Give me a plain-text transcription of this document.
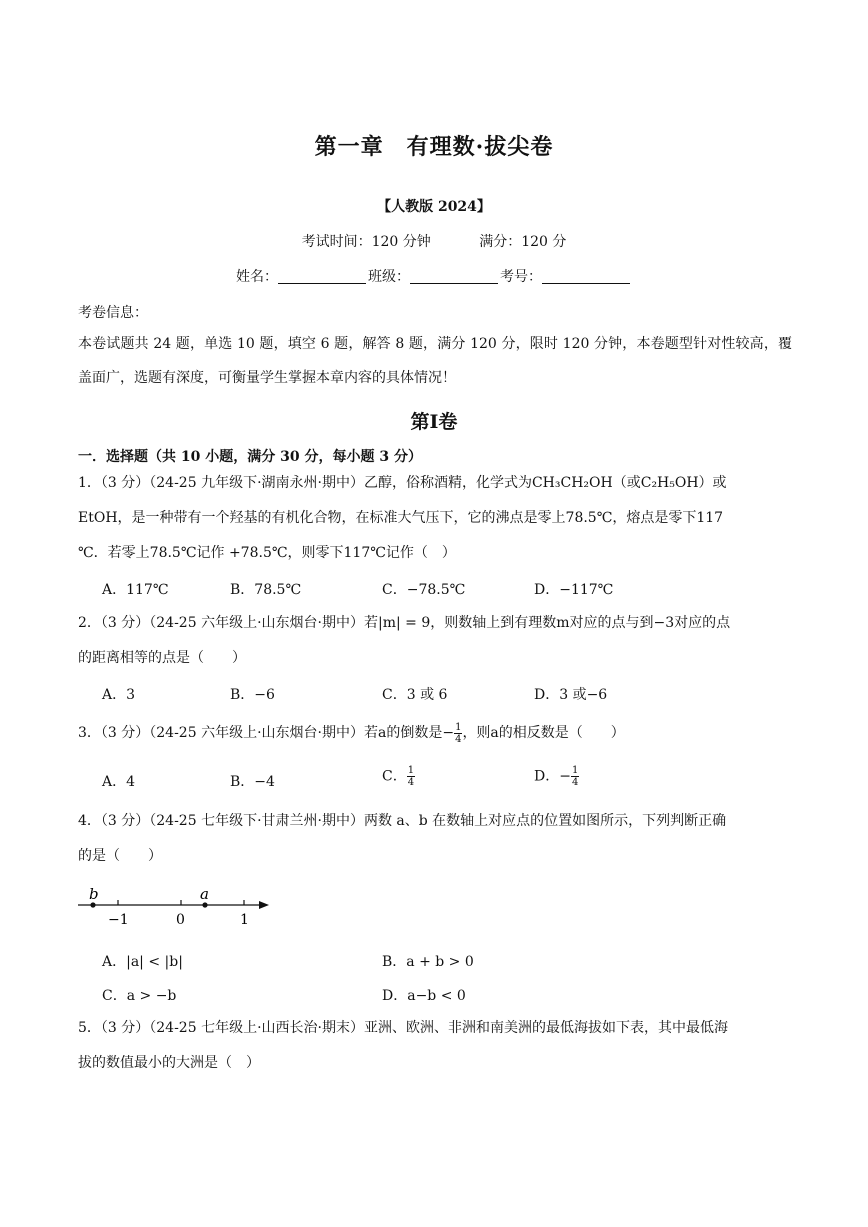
第一章　有理数·拔尖卷
【人教版 2024】
考试时间：120 分钟	满分：120 分
姓名：	班级：	考号：
考卷信息：
本卷试题共 24 题，单选 10 题，填空 6 题，解答 8 题，满分 120 分，限时 120 分钟，本卷题型针对性较高，覆盖面广，选题有深度，可衡量学生掌握本章内容的具体情况！
第Ⅰ卷
一．选择题（共 10 小题，满分 30 分，每小题 3 分）
1．（3 分）（24-25 九年级下·湖南永州·期中）乙醇，俗称酒精，化学式为CH₃CH₂OH（或C₂H₅OH）或
EtOH，是一种带有一个羟基的有机化合物，在标准大气压下，它的沸点是零上78.5℃，熔点是零下117
℃．若零上78.5℃记作 +78.5℃，则零下117℃记作（　）
A．117℃	B．78.5℃	C．−78.5℃	D．−117℃
2．（3 分）（24-25 六年级上·山东烟台·期中）若|m| = 9，则数轴上到有理数m对应的点与到−3对应的点
的距离相等的点是（　　）
A．3	B．−6	C．3 或 6	D．3 或−6
3．（3 分）（24-25 六年级上·山东烟台·期中）若a的倒数是− $\frac{1}{4}$ ，则a的相反数是（　　）
A．4	B．−4	C． $\frac{1}{4}$	D．− $\frac{1}{4}$
4．（3 分）（24-25 七年级下·甘肃兰州·期中）两数 a、b 在数轴上对应点的位置如图所示，下列判断正确
的是（　　）
b	a
−1	0	1
A．|a| < |b|	B．a + b > 0
C．a > −b	D．a−b < 0
5．（3 分）（24-25 七年级上·山西长治·期末）亚洲、欧洲、非洲和南美洲的最低海拔如下表，其中最低海
拔的数值最小的大洲是（　）
